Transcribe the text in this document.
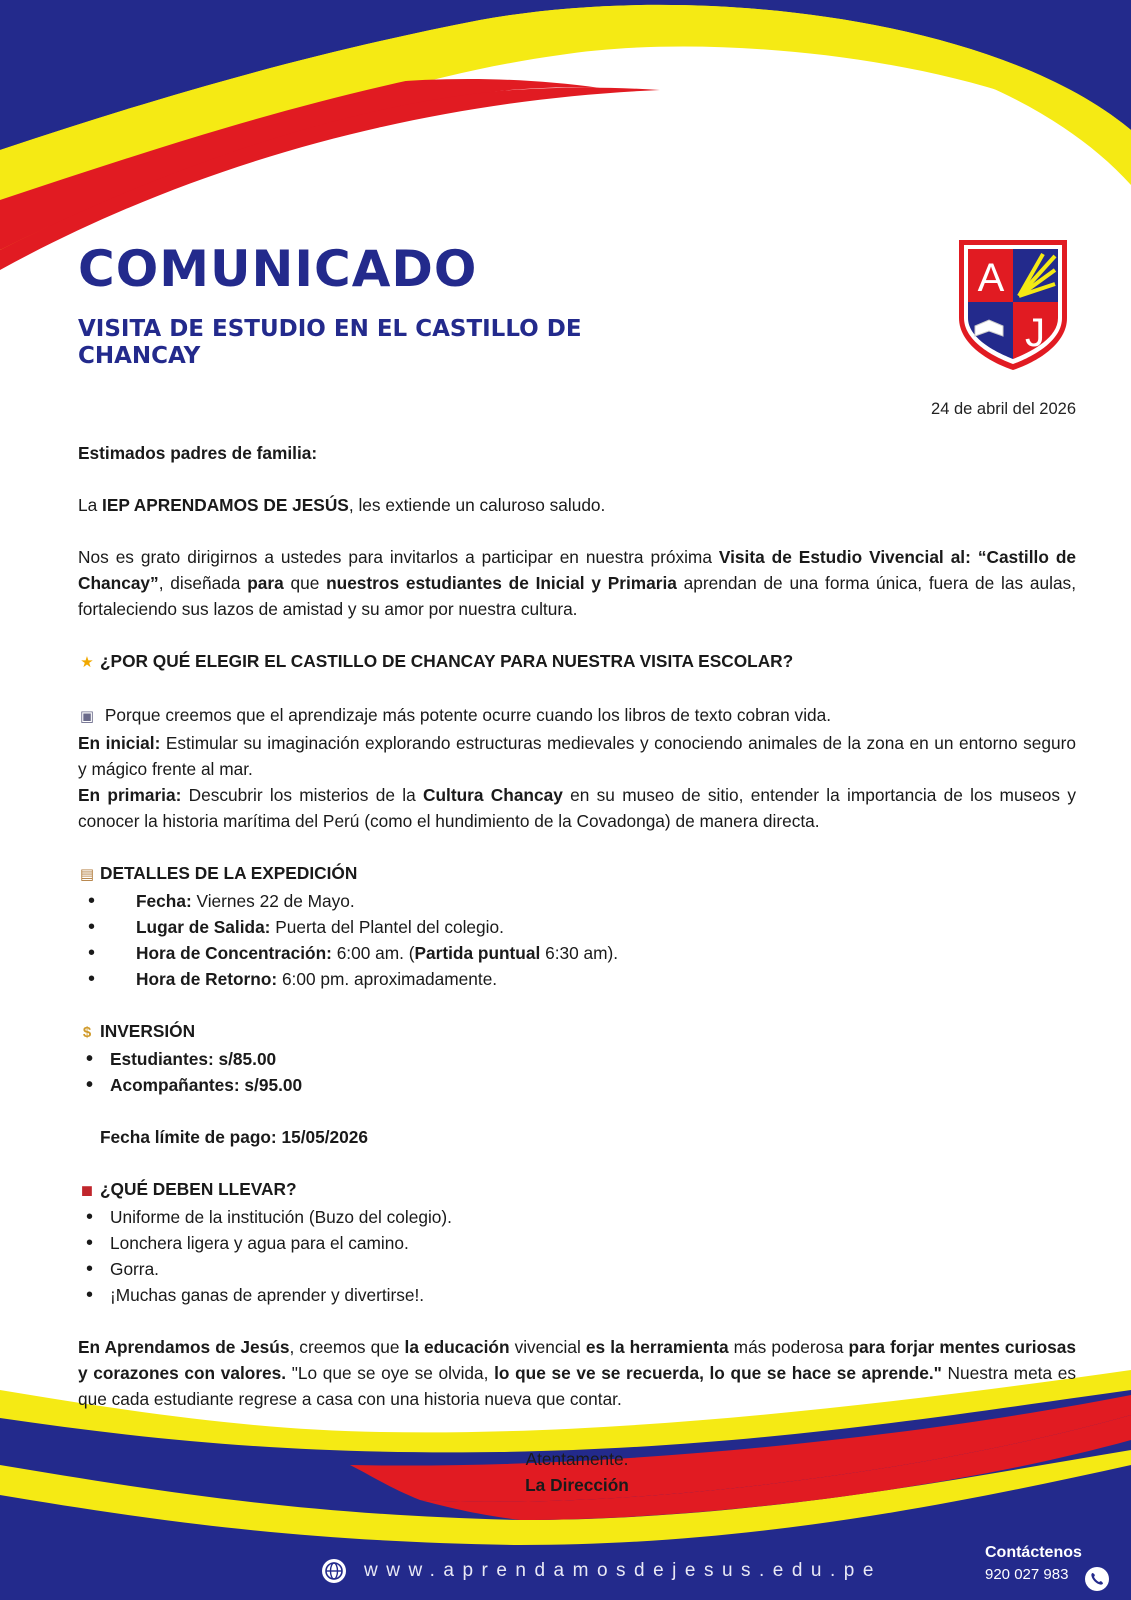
COMUNICADO
VISITA DE ESTUDIO EN EL CASTILLO DE CHANCAY
A
J
24 de abril del 2026

Estimados padres de familia:

La IEP APRENDAMOS DE JESÚS, les extiende un caluroso saludo.

Nos es grato dirigirnos a ustedes para invitarlos a participar en nuestra próxima Visita de Estudio Vivencial al: “Castillo de Chancay”, diseñada para que nuestros estudiantes de Inicial y Primaria aprendan de una forma única, fuera de las aulas, fortaleciendo sus lazos de amistad y su amor por nuestra cultura.

★ ¿POR QUÉ ELEGIR EL CASTILLO DE CHANCAY PARA NUESTRA VISITA ESCOLAR?

▣ Porque creemos que el aprendizaje más potente ocurre cuando los libros de texto cobran vida.

En inicial: Estimular su imaginación explorando estructuras medievales y conociendo animales de la zona en un entorno seguro y mágico frente al mar.

En primaria: Descubrir los misterios de la Cultura Chancay en su museo de sitio, entender la importancia de los museos y conocer la historia marítima del Perú (como el hundimiento de la Covadonga) de manera directa.

▤ DETALLES DE LA EXPEDICIÓN

• Fecha: Viernes 22 de Mayo.
• Lugar de Salida: Puerta del Plantel del colegio.
• Hora de Concentración: 6:00 am. (Partida puntual 6:30 am).
• Hora de Retorno: 6:00 pm. aproximadamente.

$ INVERSIÓN

• Estudiantes: s/85.00
• Acompañantes: s/95.00

Fecha límite de pago: 15/05/2026

◼ ¿QUÉ DEBEN LLEVAR?

• Uniforme de la institución (Buzo del colegio).
• Lonchera ligera y agua para el camino.
• Gorra.
• ¡Muchas ganas de aprender y divertirse!.

En Aprendamos de Jesús, creemos que la educación vivencial es la herramienta más poderosa para forjar mentes curiosas y corazones con valores. "Lo que se oye se olvida, lo que se ve se recuerda, lo que se hace se aprende." Nuestra meta es que cada estudiante regrese a casa con una historia nueva que contar.

Atentamente.

La Dirección

www.aprendamosdejesus.edu.pe
Contáctenos
920 027 983
